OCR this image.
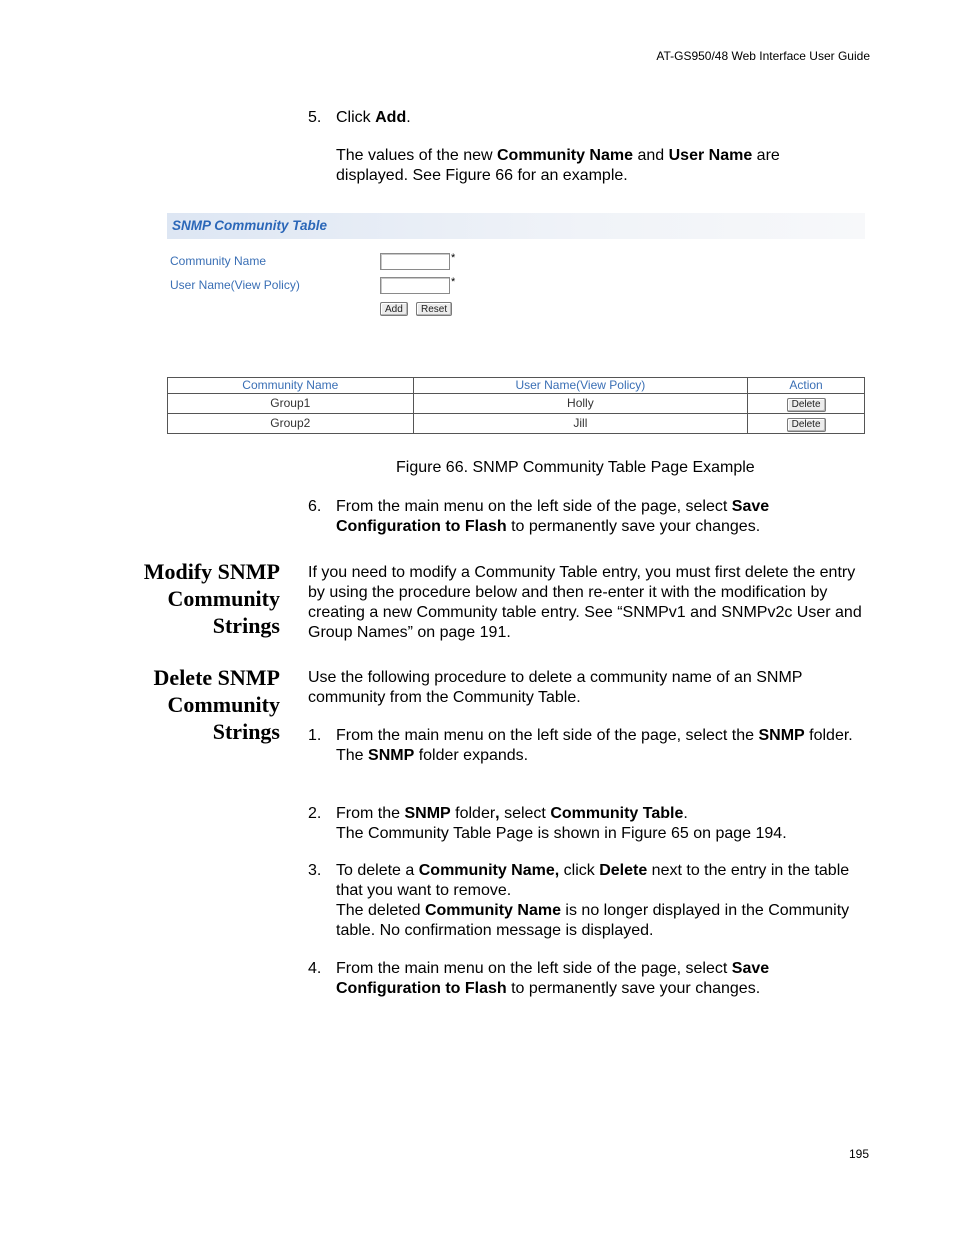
AT-GS950/48 Web Interface User Guide
5. Click Add.
The values of the new Community Name and User Name are displayed. See Figure 66 for an example.
SNMP Community Table
Community Name	*
User Name(View Policy)	*
Add	Reset
Community Name	User Name(View Policy)	Action
Group1	Holly	Delete
Group2	Jill	Delete
Figure 66. SNMP Community Table Page Example
6. From the main menu on the left side of the page, select Save Configuration to Flash to permanently save your changes.
Modify SNMP
Community
Strings
If you need to modify a Community Table entry, you must first delete the entry by using the procedure below and then re-enter it with the modification by creating a new Community table entry. See “SNMPv1 and SNMPv2c User and Group Names” on page 191.
Delete SNMP
Community
Strings
Use the following procedure to delete a community name of an SNMP community from the Community Table.
1. From the main menu on the left side of the page, select the SNMP folder.
The SNMP folder expands.
2. From the SNMP folder, select Community Table.
The Community Table Page is shown in Figure 65 on page 194.
3. To delete a Community Name, click Delete next to the entry in the table that you want to remove.
The deleted Community Name is no longer displayed in the Community table. No confirmation message is displayed.
4. From the main menu on the left side of the page, select Save Configuration to Flash to permanently save your changes.
195
